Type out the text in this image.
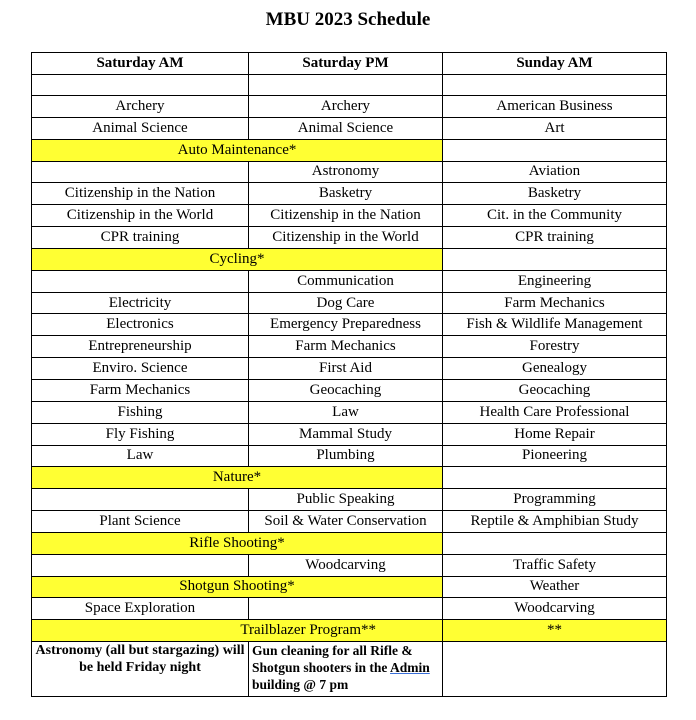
MBU 2023 Schedule
Saturday AM	Saturday PM	Sunday AM

Archery	Archery	American Business
Animal Science	Animal Science	Art
Auto Maintenance*		
	Astronomy	Aviation
Citizenship in the Nation	Basketry	Basketry
Citizenship in the World	Citizenship in the Nation	Cit. in the Community
CPR training	Citizenship in the World	CPR training
Cycling*		
	Communication	Engineering
Electricity	Dog Care	Farm Mechanics
Electronics	Emergency Preparedness	Fish & Wildlife Management
Entrepreneurship	Farm Mechanics	Forestry
Enviro. Science	First Aid	Genealogy
Farm Mechanics	Geocaching	Geocaching
Fishing	Law	Health Care Professional
Fly Fishing	Mammal Study	Home Repair
Law	Plumbing	Pioneering
Nature*		
	Public Speaking	Programming
Plant Science	Soil & Water Conservation	Reptile & Amphibian Study
Rifle Shooting*		
	Woodcarving	Traffic Safety
Shotgun Shooting*		Weather
Space Exploration		Woodcarving
Trailblazer Program**		**
Astronomy (all but stargazing) will be held Friday night	Gun cleaning for all Rifle & Shotgun shooters in the Admin building @ 7 pm	
